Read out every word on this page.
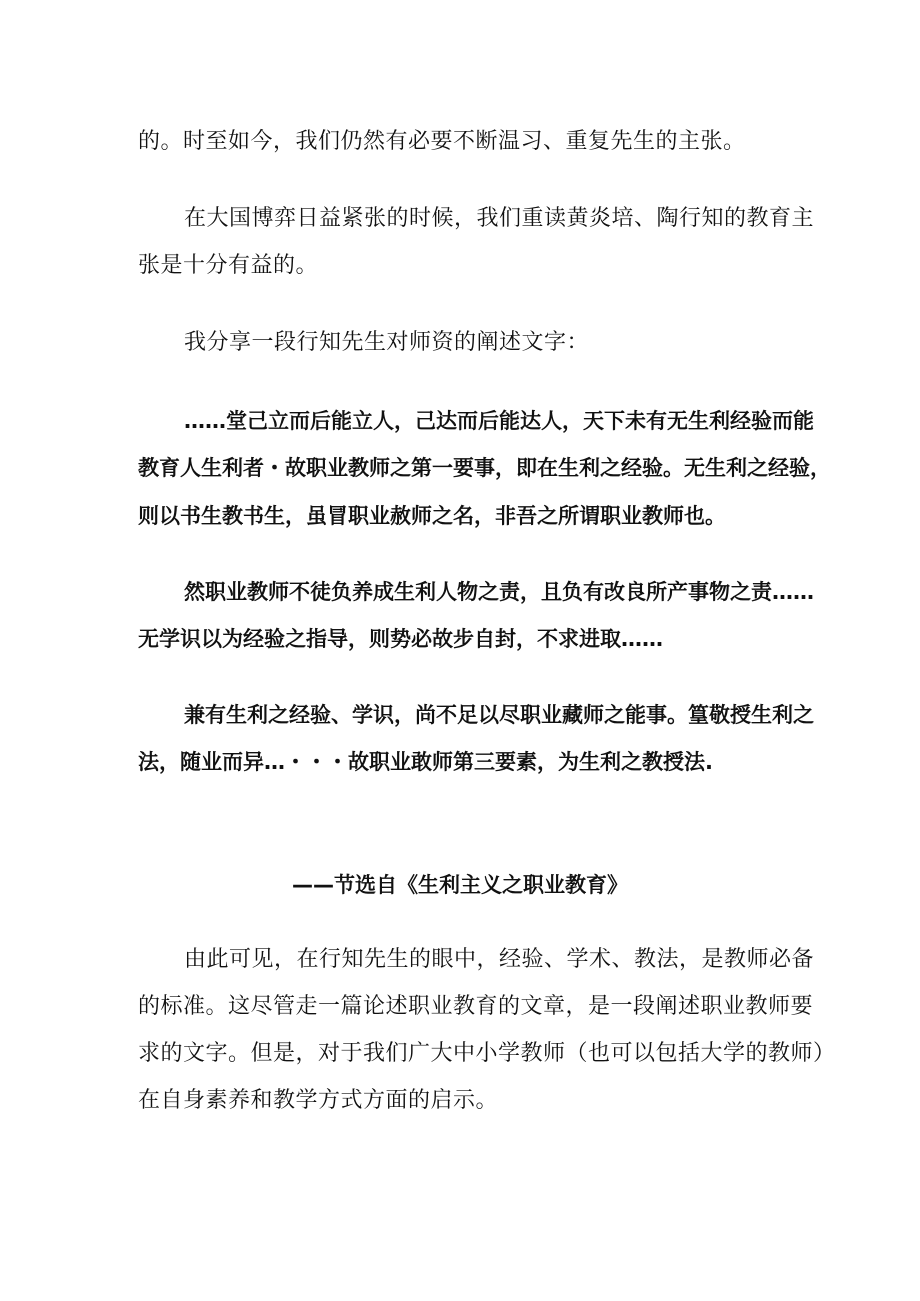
的。时至如今，我们仍然有必要不断温习、重复先生的主张。
在大国博弈日益紧张的时候，我们重读黄炎培、陶行知的教育主
张是十分有益的。
我分享一段行知先生对师资的阐述文字：
……堂己立而后能立人，己达而后能达人，天下未有无生利经验而能
教育人生利者・故职业教师之第一要事，即在生利之经验。无生利之经验，
则以书生教书生，虽冒职业赦师之名，非吾之所谓职业教师也。
然职业教师不徒负养成生利人物之责，且负有改良所产事物之责……
无学识以为经验之指导，则势必故步自封，不求进取……
兼有生利之经验、学识，尚不足以尽职业藏师之能事。篁敬授生利之
法，随业而异…・・・故职业敢师第三要素，为生利之教授法.
——节选自《生利主义之职业教育》
由此可见，在行知先生的眼中，经验、学术、教法，是教师必备
的标准。这尽管走一篇论述职业教育的文章，是一段阐述职业教师要
求的文字。但是，对于我们广大中小学教师（也可以包括大学的教师）
在自身素养和教学方式方面的启示。
